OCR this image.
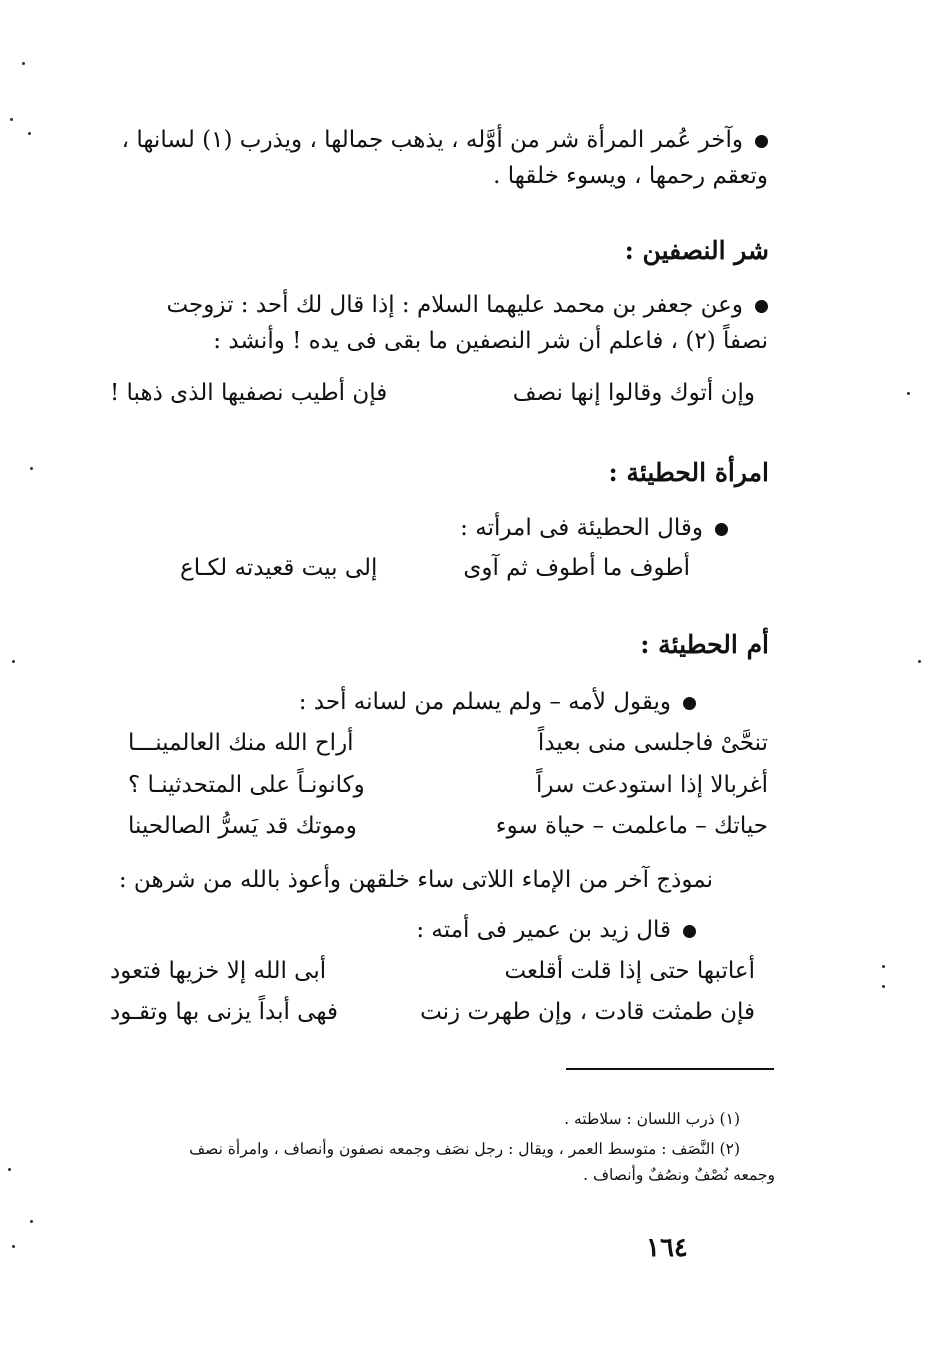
وآخر عُمر المرأة شر من أوَّله ، يذهب جمالها ، ويذرب (١) لسانها ،
وتعقم رحمها ، ويسوء خلقها .
شر النصفين :
وعن جعفر بن محمد عليهما السلام : إذا قال لك أحد : تزوجت
نصفاً (٢) ، فاعلم أن شر النصفين ما بقى فى يده ! وأنشد :
وإن أتوك وقالوا إنها نصف
فإن أطيب نصفيها الذى ذهبا !
امرأة الحطيئة :
وقال الحطيئة فى امرأته :
أطوف ما أطوف ثم آوى
إلى بيت قعيدته لكـاع
أم الحطيئة :
ويقول لأمه – ولم يسلم من لسانه أحد :
تنحَّىْ فاجلسى منى بعيداً
أراح الله منك العالمينـــا
أغربالا إذا استودعت سراً
وكانونـاً على المتحدثينـا ؟
حياتك – ماعلمت – حياة سوء
وموتك قد يَسرُّ الصالحينا
نموذج آخر من الإماء اللاتى ساء خلقهن وأعوذ بالله من شرهن :
قال زيد بن عمير فى أمته :
أعاتبها حتى إذا قلت أقلعت
أبى الله إلا خزيها فتعود
فإن طمثت قادت ، وإن طهرت زنت
فهى أبداً يزنى بها وتقـود
(١) ذرب اللسان : سلاطته .
(٢) النَّصَف : متوسط العمر ، ويقال : رجل نصَف وجمعه نصفون وأنصاف ، وامرأة نصف
وجمعه نُصْفٌ ونصُفٌ وأنصاف .
١٦٤
